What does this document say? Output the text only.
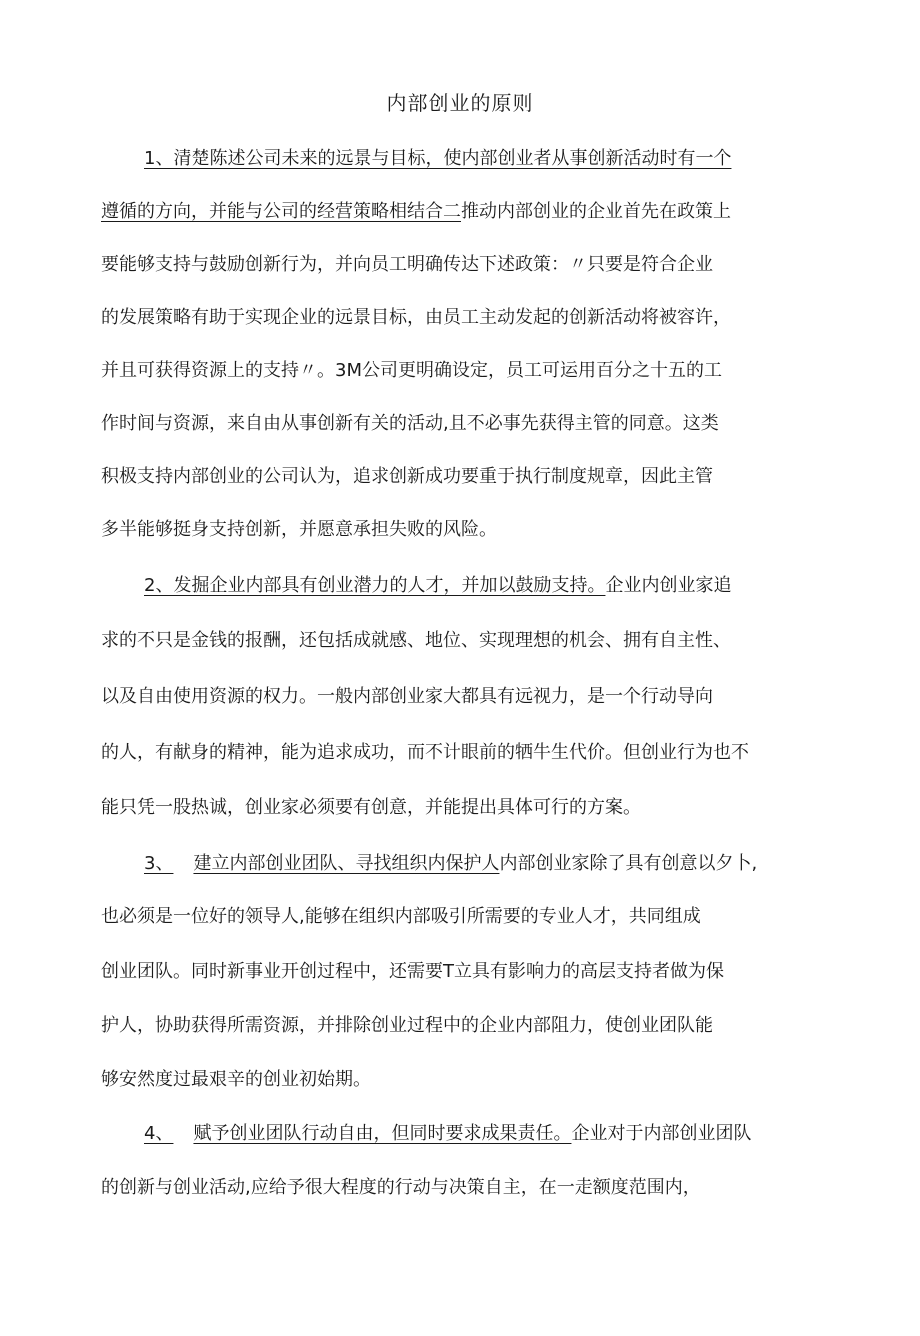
内部创业的原则
1、清楚陈述公司未来的远景与目标，使内部创业者从事创新活动时有一个
遵循的方向，并能与公司的经营策略相结合二推动内部创业的企业首先在政策上
要能够支持与鼓励创新行为，并向员工明确传达下述政策：〃只要是符合企业
的发展策略有助于实现企业的远景目标，由员工主动发起的创新活动将被容许，
并且可获得资源上的支持〃。3M公司更明确设定，员工可运用百分之十五的工
作时间与资源，来自由从事创新有关的活动,且不必事先获得主管的同意。这类
积极支持内部创业的公司认为，追求创新成功要重于执行制度规章，因此主管
多半能够挺身支持创新，并愿意承担失败的风险。
2、发掘企业内部具有创业潜力的人才，并加以鼓励支持。企业内创业家追
求的不只是金钱的报酬，还包括成就感、地位、实现理想的机会、拥有自主性、
以及自由使用资源的权力。一般内部创业家大都具有远视力，是一个行动导向
的人，有献身的精神，能为追求成功，而不计眼前的牺牛生代价。但创业行为也不
能只凭一股热诚，创业家必须要有创意，并能提出具体可行的方案。
3、 建立内部创业团队、寻找组织内保护人内部创业家除了具有创意以夕卜,
也必须是一位好的领导人,能够在组织内部吸引所需要的专业人才，共同组成
创业团队。同时新事业开创过程中，还需要T立具有影响力的高层支持者做为保
护人，协助获得所需资源，并排除创业过程中的企业内部阻力，使创业团队能
够安然度过最艰辛的创业初始期。
4、 赋予创业团队行动自由，但同时要求成果责任。企业对于内部创业团队
的创新与创业活动,应给予很大程度的行动与决策自主，在一走额度范围内，
